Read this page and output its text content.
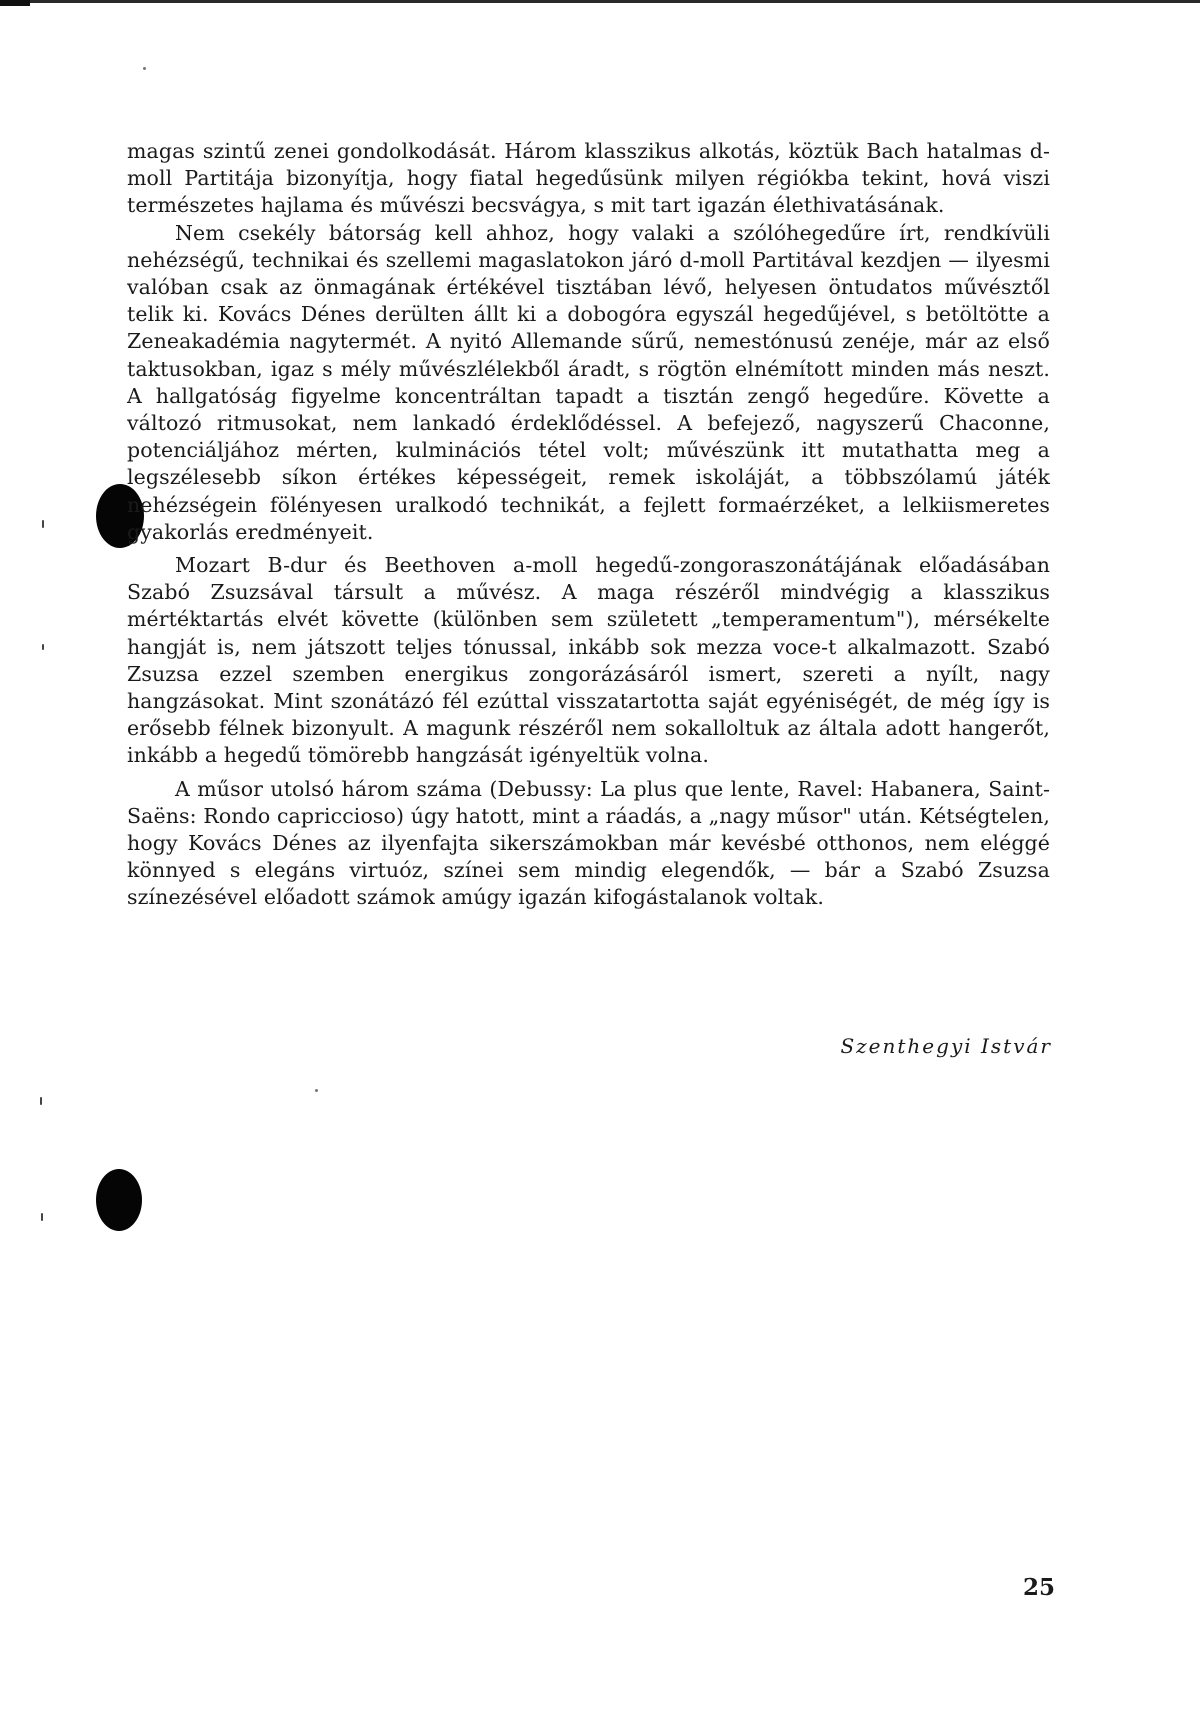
magas szintű zenei gondolkodását. Három klasszikus alkotás, köztük Bach hatalmas d-moll Partitája bizonyítja, hogy fiatal hegedűsünk milyen régiókba tekint, hová viszi természetes hajlama és művészi becsvágya, s mit tart igazán élethivatásának.

Nem csekély bátorság kell ahhoz, hogy valaki a szólóhegedűre írt, rendkívüli nehézségű, technikai és szellemi magaslatokon járó d-moll Partitával kezdjen — ilyesmi valóban csak az önmagának értékével tisztában lévő, helyesen öntudatos művésztől telik ki. Kovács Dénes derülten állt ki a dobogóra egyszál hegedűjével, s betöltötte a Zeneakadémia nagytermét. A nyitó Allemande sűrű, nemestónusú zenéje, már az első taktusokban, igaz s mély művészlélekből áradt, s rögtön elnémított minden más neszt. A hallgatóság figyelme koncentráltan tapadt a tisztán zengő hegedűre. Követte a változó ritmusokat, nem lankadó érdeklődéssel. A befejező, nagyszerű Chaconne, potenciáljához mérten, kulminációs tétel volt; művészünk itt mutathatta meg a legszélesebb síkon értékes képességeit, remek iskoláját, a többszólamú játék nehézségein fölényesen uralkodó technikát, a fejlett formaérzéket, a lelkiismeretes gyakorlás eredményeit.

Mozart B-dur és Beethoven a-moll hegedű-zongoraszonátájának előadásában Szabó Zsuzsával társult a művész. A maga részéről mindvégig a klasszikus mértéktartás elvét követte (különben sem született „temperamentum"), mérsékelte hangját is, nem játszott teljes tónussal, inkább sok mezza voce-t alkalmazott. Szabó Zsuzsa ezzel szemben energikus zongorázásáról ismert, szereti a nyílt, nagy hangzásokat. Mint szonátázó fél ezúttal visszatartotta saját egyéniségét, de még így is erősebb félnek bizonyult. A magunk részéről nem sokalloltuk az általa adott hangerőt, inkább a hegedű tömörebb hangzását igényeltük volna.

A műsor utolsó három száma (Debussy: La plus que lente, Ravel: Habanera, Saint-Saëns: Rondo capriccioso) úgy hatott, mint a ráadás, a „nagy műsor" után. Kétségtelen, hogy Kovács Dénes az ilyenfajta sikerszámokban már kevésbé otthonos, nem eléggé könnyed s elegáns virtuóz, színei sem mindig elegendők, — bár a Szabó Zsuzsa színezésével előadott számok amúgy igazán kifogástalanok voltak.

Szenthegyi Istvár
25
